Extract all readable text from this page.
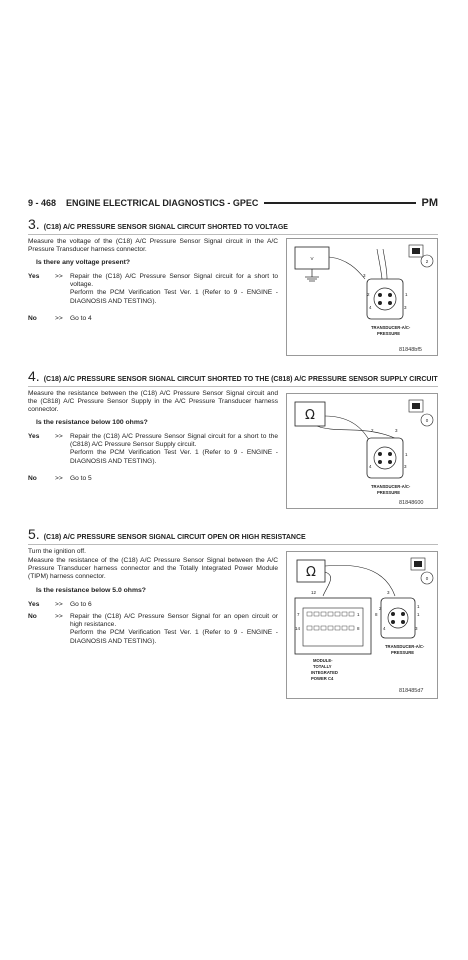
9 - 468 ENGINE ELECTRICAL DIAGNOSTICS - GPEC	PM
3. (C18) A/C PRESSURE SENSOR SIGNAL CIRCUIT SHORTED TO VOLTAGE
Measure the voltage of the (C18) A/C Pressure Sensor Signal circuit in the A/C Pressure Transducer harness connector.
Is there any voltage present?
Yes >> Repair the (C18) A/C Pressure Sensor Signal circuit for a short to voltage.

Perform the PCM Verification Test Ver. 1 (Refer to 9 - ENGINE - DIAGNOSIS AND TESTING).

No	>> Go to 4

V
3
2	1
4	3
2
TRANSDUCER-A/C-
PRESSURE
81848bf5
4. (C18) A/C PRESSURE SENSOR SIGNAL CIRCUIT SHORTED TO THE (C818) A/C PRESSURE SENSOR SUPPLY CIRCUIT
Measure the resistance between the (C18) A/C Pressure Sensor Signal circuit and the (C818) A/C Pressure Sensor Supply in the A/C Pressure Transducer harness connector.
Is the resistance below 100 ohms?
Yes >> Repair the (C18) A/C Pressure Sensor Signal circuit for a short to the (C818) A/C Pressure Sensor Supply circuit.

Perform the PCM Verification Test Ver. 1 (Refer to 9 - ENGINE - DIAGNOSIS AND TESTING).

No	>> Go to 5

Ω
2	3
1
4	3
0
TRANSDUCER-A/C-
PRESSURE
81848600
5. (C18) A/C PRESSURE SENSOR SIGNAL CIRCUIT OPEN OR HIGH RESISTANCE
Turn the ignition off.
Measure the resistance of the (C18) A/C Pressure Sensor Signal between the A/C Pressure Transducer harness connector and the Totally Integrated Power Module (TIPM) harness connector.
Is the resistance below 5.0 ohms?
Yes >> Go to 6

No	>> Repair the (C18) A/C Pressure Sensor Signal for an open circuit or high resistance.

Perform the PCM Verification Test Ver. 1 (Refer to 9 - ENGINE - DIAGNOSIS AND TESTING).

Ω
7	1
14	8
12
MODULE-
TOTALLY
INTEGRATED
POWER C4
3
1
8
2	1
4	3
0
TRANSDUCER-A/C-
PRESSURE
818485d7
